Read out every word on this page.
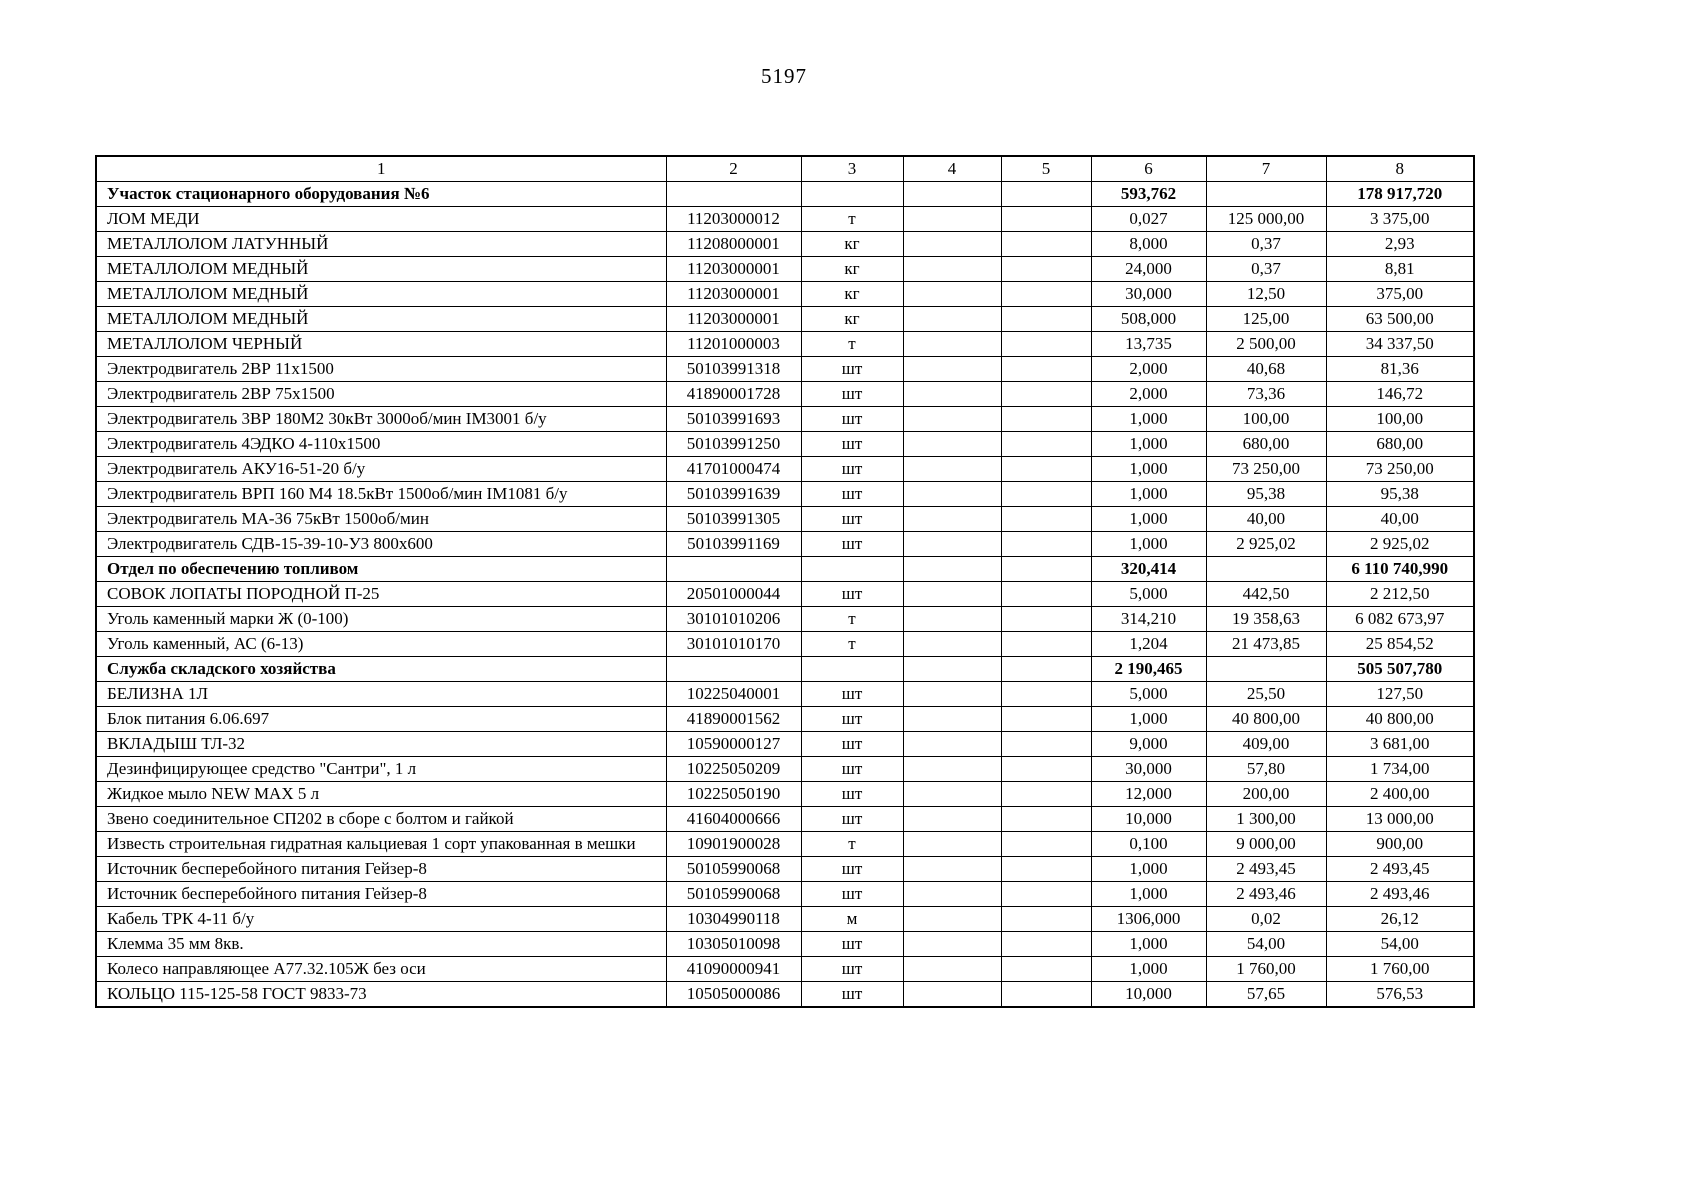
5197
1	2	3	4	5	6	7	8
Участок стационарного оборудования №6					593,762		178 917,720
ЛОМ МЕДИ	11203000012	т			0,027	125 000,00	3 375,00
МЕТАЛЛОЛОМ ЛАТУННЫЙ	11208000001	кг			8,000	0,37	2,93
МЕТАЛЛОЛОМ МЕДНЫЙ	11203000001	кг			24,000	0,37	8,81
МЕТАЛЛОЛОМ МЕДНЫЙ	11203000001	кг			30,000	12,50	375,00
МЕТАЛЛОЛОМ МЕДНЫЙ	11203000001	кг			508,000	125,00	63 500,00
МЕТАЛЛОЛОМ ЧЕРНЫЙ	11201000003	т			13,735	2 500,00	34 337,50
Электродвигатель 2ВР 11х1500	50103991318	шт			2,000	40,68	81,36
Электродвигатель 2ВР 75х1500	41890001728	шт			2,000	73,36	146,72
Электродвигатель 3ВР 180М2 30кВт 3000об/мин IM3001 б/у	50103991693	шт			1,000	100,00	100,00
Электродвигатель 4ЭДКО 4-110х1500	50103991250	шт			1,000	680,00	680,00
Электродвигатель АКУ16-51-20 б/у	41701000474	шт			1,000	73 250,00	73 250,00
Электродвигатель ВРП 160 М4 18.5кВт 1500об/мин IM1081 б/у	50103991639	шт			1,000	95,38	95,38
Электродвигатель МА-36 75кВт 1500об/мин	50103991305	шт			1,000	40,00	40,00
Электродвигатель СДВ-15-39-10-У3 800х600	50103991169	шт			1,000	2 925,02	2 925,02
Отдел по обеспечению топливом					320,414		6 110 740,990
СОВОК ЛОПАТЫ ПОРОДНОЙ П-25	20501000044	шт			5,000	442,50	2 212,50
Уголь каменный марки Ж (0-100)	30101010206	т			314,210	19 358,63	6 082 673,97
Уголь каменный, АС (6-13)	30101010170	т			1,204	21 473,85	25 854,52
Служба складского хозяйства					2 190,465		505 507,780
БЕЛИЗНА 1Л	10225040001	шт			5,000	25,50	127,50
Блок питания 6.06.697	41890001562	шт			1,000	40 800,00	40 800,00
ВКЛАДЫШ ТЛ-32	10590000127	шт			9,000	409,00	3 681,00
Дезинфицирующее средство "Сантри", 1 л	10225050209	шт			30,000	57,80	1 734,00
Жидкое мыло NEW MAX 5 л	10225050190	шт			12,000	200,00	2 400,00
Звено соединительное СП202 в сборе с болтом и гайкой	41604000666	шт			10,000	1 300,00	13 000,00
Известь строительная гидратная кальциевая 1 сорт упакованная в мешки	10901900028	т			0,100	9 000,00	900,00
Источник бесперебойного питания Гейзер-8	50105990068	шт			1,000	2 493,45	2 493,45
Источник бесперебойного питания Гейзер-8	50105990068	шт			1,000	2 493,46	2 493,46
Кабель ТРК 4-11 б/у	10304990118	м			1306,000	0,02	26,12
Клемма 35 мм 8кв.	10305010098	шт			1,000	54,00	54,00
Колесо направляющее А77.32.105Ж без оси	41090000941	шт			1,000	1 760,00	1 760,00
КОЛЬЦО 115-125-58 ГОСТ 9833-73	10505000086	шт			10,000	57,65	576,53
